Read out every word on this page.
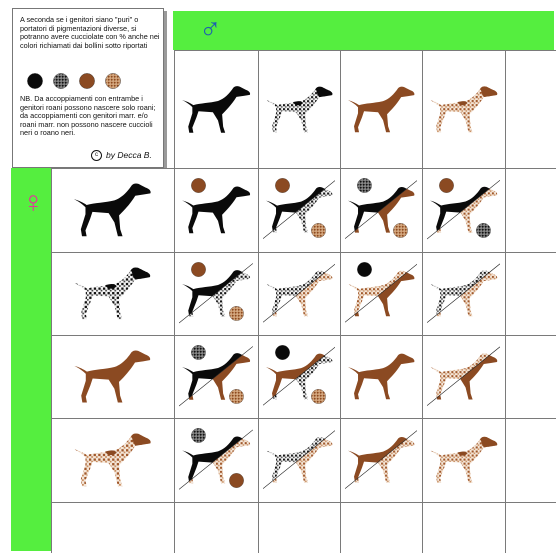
A seconda se i genitori siano "puri" o portatori di pigmentazioni diverse, si potranno avere cucciolate con % anche nei colori richiamati dai bollini sotto riportati

NB. Da accoppiamenti con entrambe i genitori roani possono nascere solo roani; da accoppiamenti con genitori marr. e/o roani marr. non possono nascere cuccioli neri o roano neri.

c by Decca B.
♂
♀
